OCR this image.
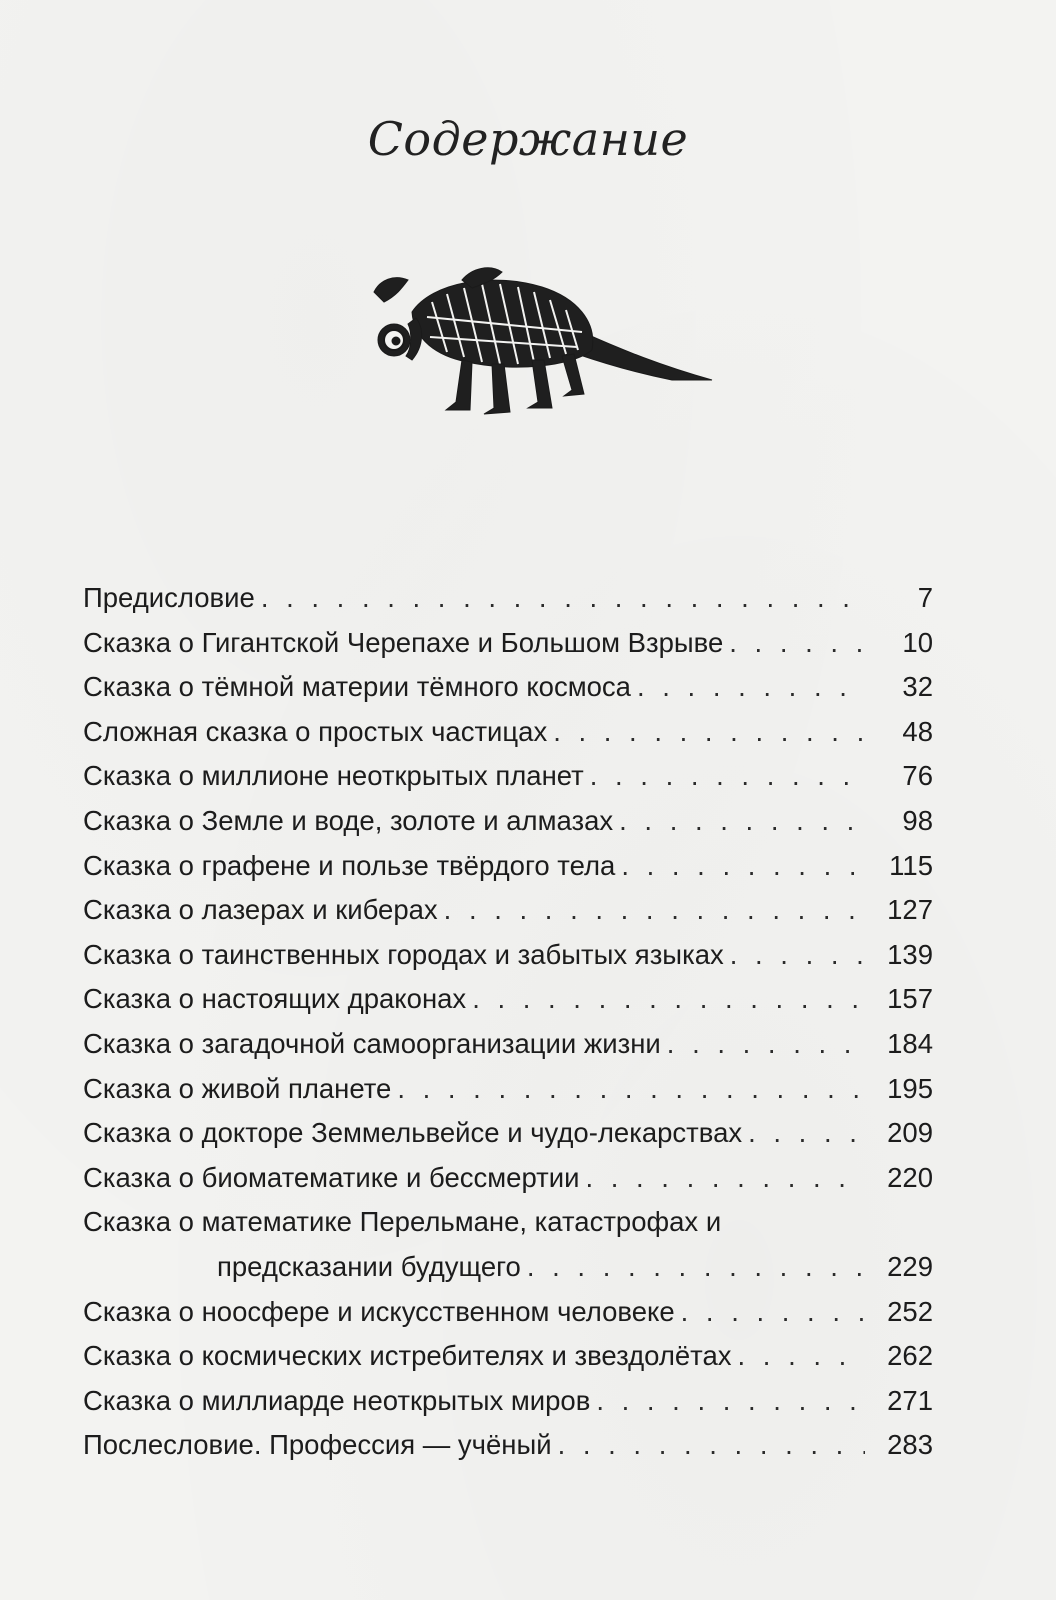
Содержание
Предисловие . . .	7
Сказка о Гигантской Черепахе и Большом Взрыве . . .	10
Сказка о тёмной материи тёмного космоса . . .	32
Сложная сказка о простых частицах . . .	48
Сказка о миллионе неоткрытых планет . . .	76
Сказка о Земле и воде, золоте и алмазах . . .	98
Сказка о графене и пользе твёрдого тела . . .	115
Сказка о лазерах и киберах . . .	127
Сказка о таинственных городах и забытых языках . . .	139
Сказка о настоящих драконах . . .	157
Сказка о загадочной самоорганизации жизни . . .	184
Сказка о живой планете . . .	195
Сказка о докторе Земмельвейсе и чудо-лекарствах . . .	209
Сказка о биоматематике и бессмертии . . .	220
Сказка о математике Перельмане, катастрофах и
предсказании будущего . . .	229
Сказка о ноосфере и искусственном человеке . . .	252
Сказка о космических истребителях и звездолётах . . .	262
Сказка о миллиарде неоткрытых миров . . .	271
Послесловие. Профессия — учёный . . .	283
